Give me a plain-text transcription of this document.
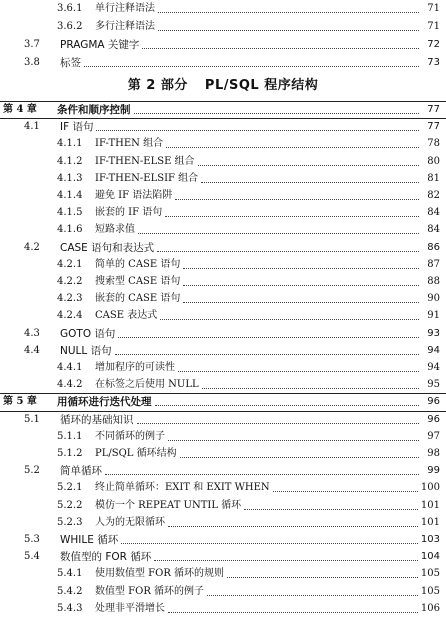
3.6.1	单行注释语法	71
3.6.2	多行注释语法	71
3.7	PRAGMA 关键字	72
3.8	标签	73
第 2 部分 PL/SQL 程序结构
第 4 章	条件和顺序控制	77
4.1	IF 语句	77
4.1.1	IF-THEN 组合	78
4.1.2	IF-THEN-ELSE 组合	80
4.1.3	IF-THEN-ELSIF 组合	81
4.1.4	避免 IF 语法陷阱	82
4.1.5	嵌套的 IF 语句	84
4.1.6	短路求值	84
4.2	CASE 语句和表达式	86
4.2.1	简单的 CASE 语句	87
4.2.2	搜索型 CASE 语句	88
4.2.3	嵌套的 CASE 语句	90
4.2.4	CASE 表达式	91
4.3	GOTO 语句	93
4.4	NULL 语句	94
4.4.1	增加程序的可读性	94
4.4.2	在标签之后使用 NULL	95
第 5 章	用循环进行迭代处理	96
5.1	循环的基础知识	96
5.1.1	不同循环的例子	97
5.1.2	PL/SQL 循环结构	98
5.2	简单循环	99
5.2.1	终止简单循环：EXIT 和 EXIT WHEN	100
5.2.2	模仿一个 REPEAT UNTIL 循环	101
5.2.3	人为的无限循环	101
5.3	WHILE 循环	103
5.4	数值型的 FOR 循环	104
5.4.1	使用数值型 FOR 循环的规则	105
5.4.2	数值型 FOR 循环的例子	105
5.4.3	处理非平滑增长	106
